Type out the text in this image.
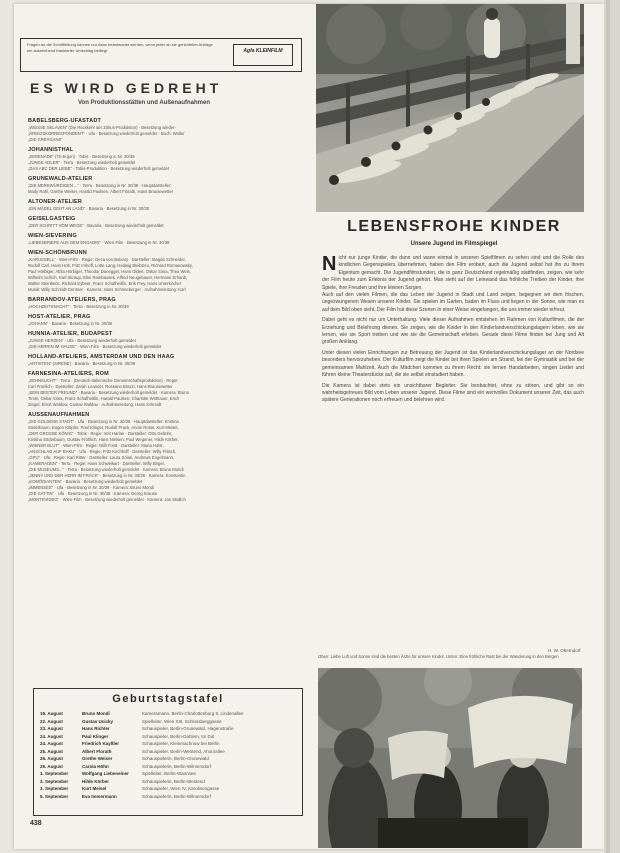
Fragen an die Schriftleitung können nur dann beantwortet werden, wenn jeder an sie gerichteten Anfrage ein ausreichend frankierter Umschlag beiliegt	Agfa KLEINFILM
ES WIRD GEDREHT
Von Produktionsstätten und Außenaufnahmen
BABELSBERG-UFASTADT
„WEISSE SKLAVEN“ (Die Rückkehr der Zirkus-Produktion) · Besetzung wieder-
„KRIEGSKORRESPONDENT“ · Ufa · Besetzung wiederholt gemeldet · Buch: Walter
„DIE GREYGANS“
JOHANNISTHAL
„SERENADE“ (Tri-Ergon) · Tobis · Besetzung in Nr. 30/38
„JUNGE ADLER“ · Terra · Besetzung wiederholt gemeldet
„DAS ABC DER LIEBE“ · Tobis-Produktion · Besetzung wiederholt gemeldet
GRUNEWALD-ATELIER
„DIE MERKWÜRDIGEN ...“ · Terra · Besetzung in Nr. 30/38 · Hauptdarsteller:
Mady Rahl, Grethe Weiser, Harald Paulsen, Albert Florath, Hans Brausewetter
ALTONER-ATELIER
„EIN MÄDEL GEHT AN LAND“ · Bavaria · Besetzung in Nr. 30/38
GEISELGASTEIG
„DER SCHRITT VOM WEGE“ · Bavaria · Besetzung wiederholt gemeldet
WIEN-SIEVERING
„LIEBESBRIEFE AUS DEM ENGADIN“ · Wien-Film · Besetzung in Nr. 30/38
WIEN-SCHÖNBRUNN
„KARUSSELL“ · Wien-Film · Regie: Geza von Bolvary · Darsteller: Magda Schneider,
Rudolf Carl, Hans Holt, Fritz Imhoff, Lotte Lang, Hedwig Bleibtreu, Richard Romanowsky,
Paul Hörbiger, Attila Hörbiger, Theodor Danegger, Hans Olden, Oskar Sima, Thea Weis,
Wilhelm Schich, Karl Skraup, Else Rambausek, Alfred Neugebauer, Hermann Erhardt,
Walter Steinbeck, Richard Eybner, Franz Schafheitlin, Erik Frey, Hans Unterkircher
Musik: Willy Schmidt-Gentner · Kamera: Hans Schneeberger · Aufnahmeleitung: Karl
BARRANDOV-ATELIERS, PRAG
„HOCHZEITSNACHT“ · Terra · Besetzung in Nr. 30/38
HOST-ATELIER, PRAG
„JOHANN“ · Bavaria · Besetzung in Nr. 30/38
HUNNIA-ATELIER, BUDAPEST
„JUNGE HERZEN“ · Ufa · Besetzung wiederholt gemeldet
„DIE HERRIN IM HAUSE“ · Wien-Film · Besetzung wiederholt gemeldet
HOLLAND-ATELIERS, AMSTERDAM UND DEN HAAG
„ARTISTEN“ (SIRENE) · Bavaria · Besetzung in Nr. 30/38
FARNESINA-ATELIERS, ROM
„SEHNSUCHT“ · Terra · (Deutsch-italienische Gemeinschaftsproduktion) · Regie:
Carl Froelich · Darsteller: Zarah Leander, Rossano Brazzi, Hans Brausewetter
„SEIN BESTER FREUND“ · Bavaria · Besetzung wiederholt gemeldet · Kamera: Bruno
Timm, Oskar Sima, Franz Schafheitlin, Harald Paulsen, Charlotte Witthauer, Erich
Ziegel, Ernst Waldow, Gustav Waldau · Aufnahmeleitung: Hans Schmidt
AUSSENAUFNAHMEN
„DIE GOLDENE STADT“ · Ufa · Besetzung in Nr. 30/38 · Hauptdarsteller: Kristina
Söderbaum, Eugen Klöpfer, Paul Klinger, Rudolf Prack, Annie Rosar, Kurt Meisel,
„DER GROSSE KÖNIG“ · Tobis · Regie: Veit Harlan · Darsteller: Otto Gebühr,
Kristina Söderbaum, Gustav Fröhlich, Hans Nielsen, Paul Wegener, Hilde Körber,
„WIENER BLUT“ · Wien-Film · Regie: Willi Forst · Darsteller: Maria Holst,
„ANSCHLAG AUF BAKU“ · Ufa · Regie: Fritz Kirchhoff · Darsteller: Willy Fritsch,
„GPU“ · Ufa · Regie: Karl Ritter · Darsteller: Laura Solari, Andrews Engelmann,
„KAMERADEN“ · Terra · Regie: Hans Schweikart · Darsteller: Willy Birgel,
„DIE MUSEUMS...“ · Terra · Besetzung wiederholt gemeldet · Kamera: Bruno Mondi
„JENNY UND DER HERR IM FRACK“ · Besetzung in Nr. 30/38 · Kamera: Konstantin
„KOMÖDIANTEN“ · Bavaria · Besetzung wiederholt gemeldet
„IMMENSEE“ · Ufa · Besetzung in Nr. 30/38 · Kamera: Bruno Mondi
„DIE GATTIN“ · Ufa · Besetzung in Nr. 30/38 · Kamera: Georg Krause
„MONTEVIDEO“ · Wien-Film · Besetzung wiederholt gemeldet · Kamera: Jan Stallich
Geburtstagstafel
19. August	Bruno Mondi	Kameramann, Berlin-Charlottenburg 9, Lindenallee
22. August	Gustav Ucicky	Spielleiter, Wien XIII, Schlossberggasse
23. August	Hans Richter	Schauspieler, Berlin-Grunewald, Hagenstraße
24. August	Paul Klinger	Schauspieler, Berlin-Dahlem, Im Dol
24. August	Friedrich Kayßler	Schauspieler, Kleinmachnow bei Berlin
25. August	Albert Florath	Schauspieler, Berlin-Westend, Ahornallee
26. August	Grethe Weiser	Schauspielerin, Berlin-Grunewald
29. August	Carola Höhn	Schauspielerin, Berlin-Wilmersdorf
1. September	Wolfgang Liebeneiner	Spielleiter, Berlin-Wannsee
3. September	Hilde Körber	Schauspielerin, Berlin-Westend
3. September	Kurt Meisel	Schauspieler, Wien IV, Karolinengasse
5. September	Eva Immermann	Schauspielerin, Berlin-Wilmersdorf
438
LEBENSFROHE KINDER
Unsere Jugend im Filmspiegel
N icht nur junge Kinder, die dann und wann einmal in unseren Spielfilmen zu sehen sind und die Rolle des kindlichen Gegenspielers übernehmen, haben den Film erobert, auch die Jugend selbst hat ihn zu ihrem Eigentum gemacht. Die Jugendfilmstunden, die in ganz Deutschland regelmäßig stattfinden, zeigen, wie sehr der Film heute zum Erlebnis der Jugend gehört. Man sieht auf der Leinwand das fröhliche Treiben der Kinder, ihre Spiele, ihre Freuden und ihre kleinen Sorgen.

Auch auf den vielen Filmen, die das Leben der Jugend in Stadt und Land zeigen, begegnen wir dem frischen, ungezwungenen Wesen unserer Kinder. Sie spielen im Garten, baden im Fluss und liegen in der Sonne, wie man es auf dem Bild oben sieht. Der Film hat diese Szenen in einer Weise eingefangen, die uns immer wieder erfreut.

Dabei geht es nicht nur um Unterhaltung. Viele dieser Aufnahmen entstehen im Rahmen von Kulturfilmen, die der Erziehung und Belehrung dienen. Sie zeigen, wie die Kinder in den Kinderlandverschickungslagern leben, wie sie lernen, wie sie Sport treiben und wie sie die Gemeinschaft erleben. Gerade diese Filme finden bei Jung und Alt großen Anklang.

Unter diesen vielen Einrichtungen zur Betreuung der Jugend ist das Kinderlandverschickungslager an der Nordsee besonders hervorzuheben. Der Kulturfilm zeigt die Kinder bei ihren Spielen am Strand, bei der Gymnastik und bei der gemeinsamen Mahlzeit. Auch die Mädchen kommen zu ihrem Recht: sie lernen Handarbeiten, singen Lieder und führen kleine Theaterstücke auf, die sie selbst einstudiert haben.

Die Kamera ist dabei stets ein unsichtbarer Begleiter. Sie beobachtet, ohne zu stören, und gibt so ein wahrheitsgetreues Bild vom Leben unserer Jugend. Diese Filme sind ein wertvolles Dokument unserer Zeit, das auch spätere Generationen noch erfreuen und belehren wird.

Oben: Liebe Luft und Sonne sind die besten Ärzte für unsere Kinder. Unten: Eine fröhliche Rast bei der Wanderung in den Bergen
H. W. Oberndorf
